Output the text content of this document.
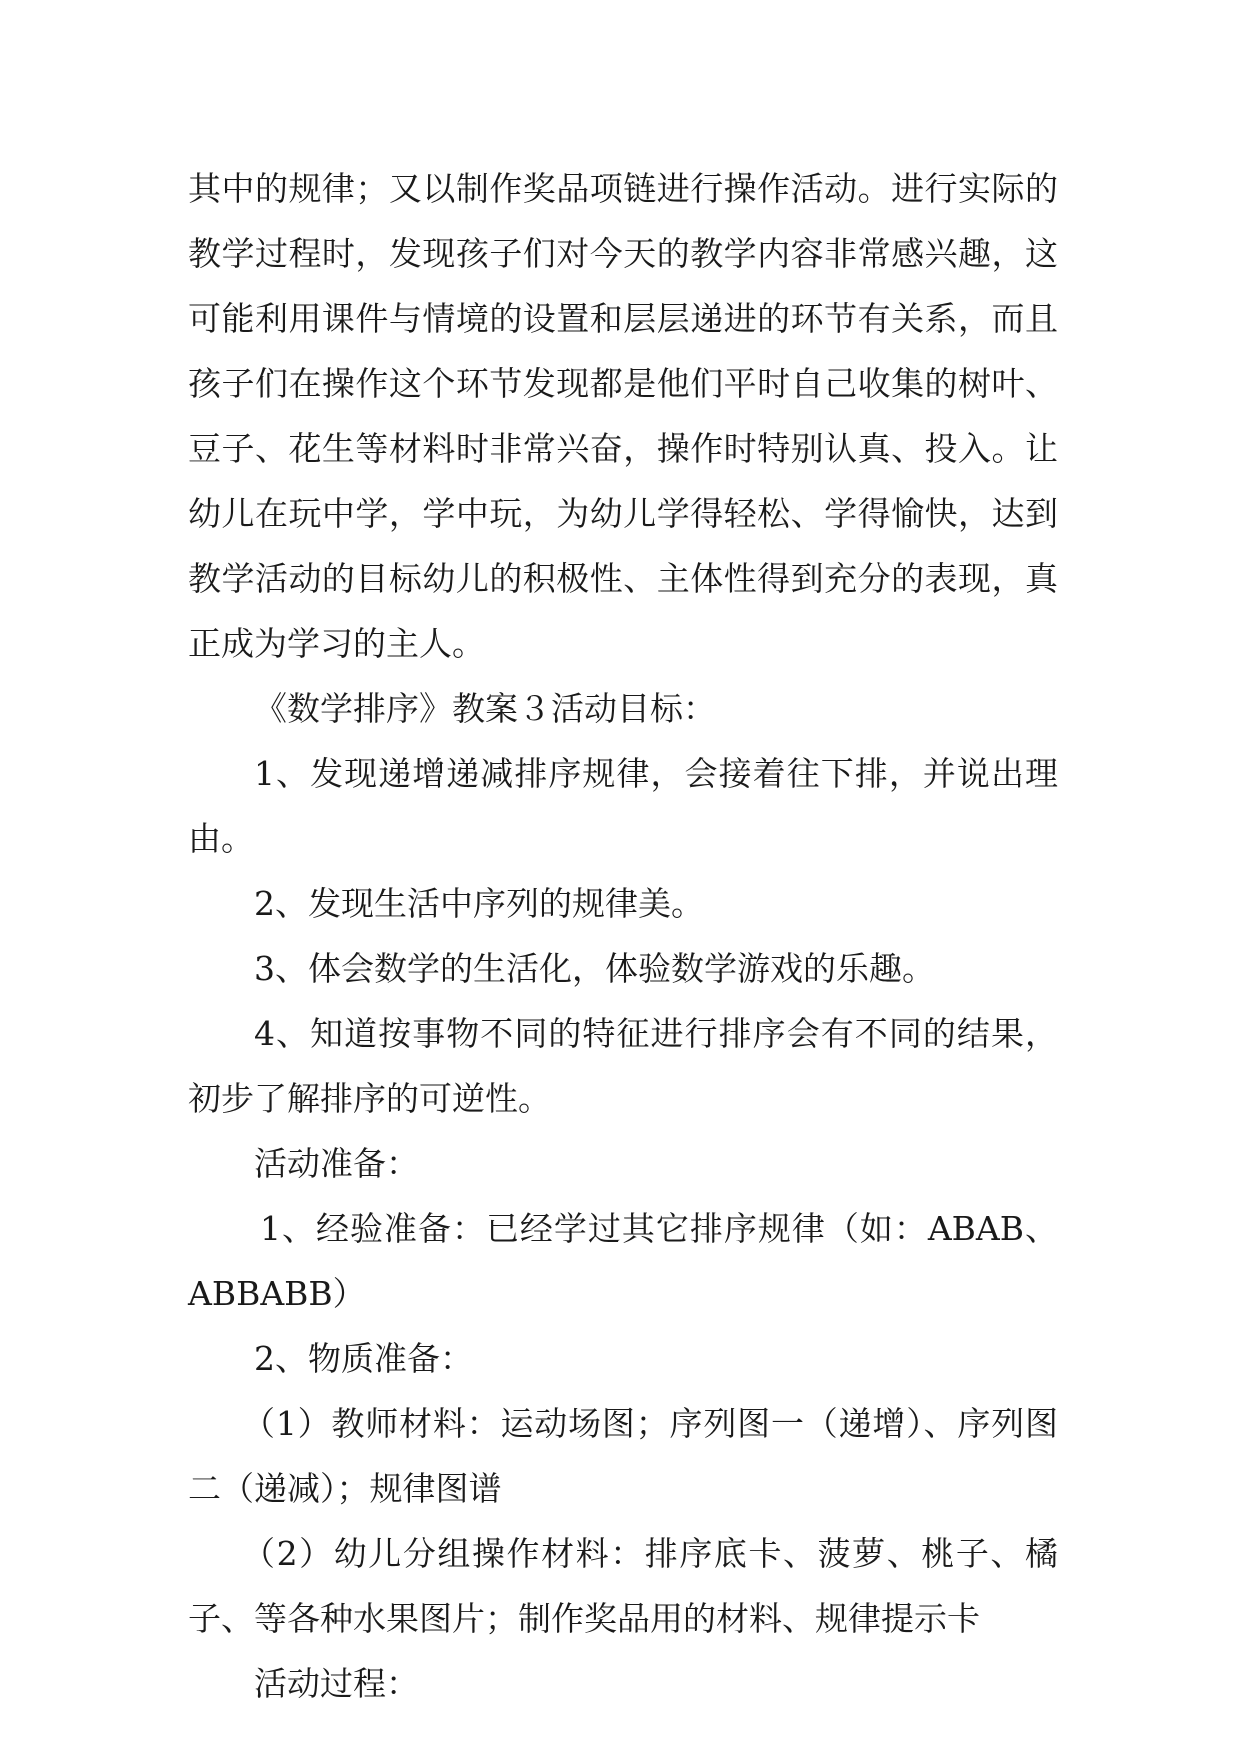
其中的规律；又以制作奖品项链进行操作活动。进行实际的教学过程时，发现孩子们对今天的教学内容非常感兴趣，这可能利用课件与情境的设置和层层递进的环节有关系，而且孩子们在操作这个环节发现都是他们平时自己收集的树叶、豆子、花生等材料时非常兴奋，操作时特别认真、投入。让幼儿在玩中学，学中玩，为幼儿学得轻松、学得愉快，达到教学活动的目标幼儿的积极性、主体性得到充分的表现，真正成为学习的主人。

《数学排序》教案３活动目标：

1、发现递增递减排序规律，会接着往下排，并说出理由。

2、发现生活中序列的规律美。

3、体会数学的生活化，体验数学游戏的乐趣。

4、知道按事物不同的特征进行排序会有不同的结果，初步了解排序的可逆性。

活动准备：

1、经验准备：已经学过其它排序规律（如：ABAB、ABBABB）

2、物质准备：

（1）教师材料：运动场图；序列图一（递增）、序列图二（递减）；规律图谱

（2）幼儿分组操作材料：排序底卡、菠萝、桃子、橘子、等各种水果图片；制作奖品用的材料、规律提示卡

活动过程：
